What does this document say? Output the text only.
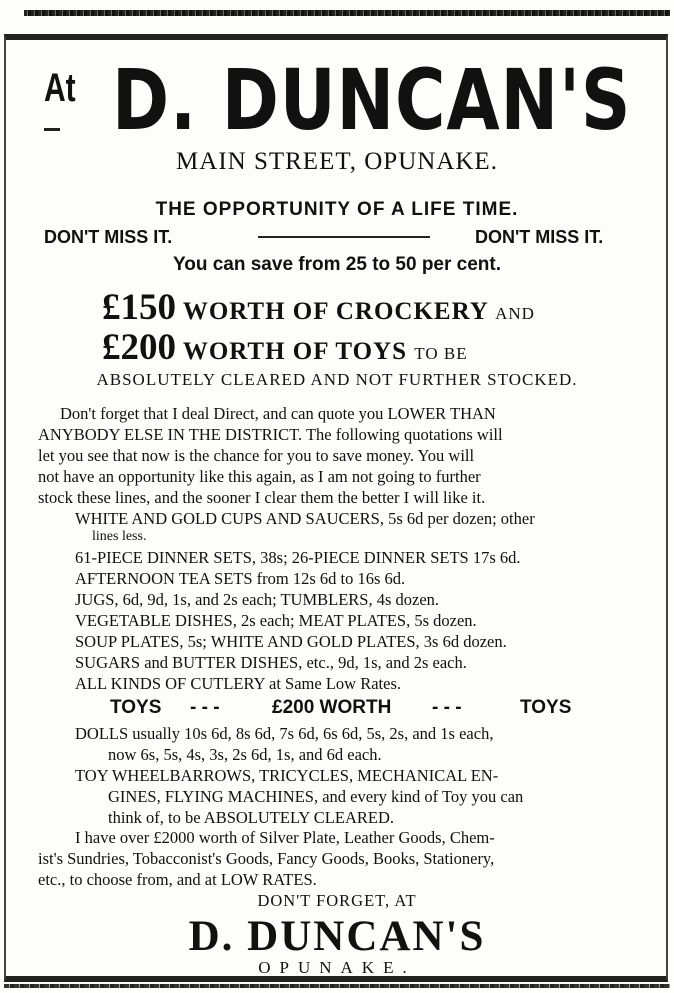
At D. DUNCAN'S
MAIN STREET, OPUNAKE.
THE OPPORTUNITY OF A LIFE TIME.
DON'T MISS IT.	DON'T MISS IT.
You can save from 25 to 50 per cent.
£150 WORTH OF CROCKERY AND
£200 WORTH OF TOYS TO BE
ABSOLUTELY CLEARED AND NOT FURTHER STOCKED.
Don't forget that I deal Direct, and can quote you LOWER THAN
ANYBODY ELSE IN THE DISTRICT. The following quotations will
let you see that now is the chance for you to save money. You will
not have an opportunity like this again, as I am not going to further
stock these lines, and the sooner I clear them the better I will like it.
WHITE AND GOLD CUPS AND SAUCERS, 5s 6d per dozen; other
lines less.
61-PIECE DINNER SETS, 38s; 26-PIECE DINNER SETS 17s 6d.
AFTERNOON TEA SETS from 12s 6d to 16s 6d.
JUGS, 6d, 9d, 1s, and 2s each; TUMBLERS, 4s dozen.
VEGETABLE DISHES, 2s each; MEAT PLATES, 5s dozen.
SOUP PLATES, 5s; WHITE AND GOLD PLATES, 3s 6d dozen.
SUGARS and BUTTER DISHES, etc., 9d, 1s, and 2s each.
ALL KINDS OF CUTLERY at Same Low Rates.
TOYS - - -	£200 WORTH - - -	TOYS
DOLLS usually 10s 6d, 8s 6d, 7s 6d, 6s 6d, 5s, 2s, and 1s each,
now 6s, 5s, 4s, 3s, 2s 6d, 1s, and 6d each.
TOY WHEELBARROWS, TRICYCLES, MECHANICAL EN-
GINES, FLYING MACHINES, and every kind of Toy you can
think of, to be ABSOLUTELY CLEARED.
I have over £2000 worth of Silver Plate, Leather Goods, Chem-
ist's Sundries, Tobacconist's Goods, Fancy Goods, Books, Stationery,
etc., to choose from, and at LOW RATES.
DON'T FORGET, AT
D. DUNCAN'S
OPUNAKE.
